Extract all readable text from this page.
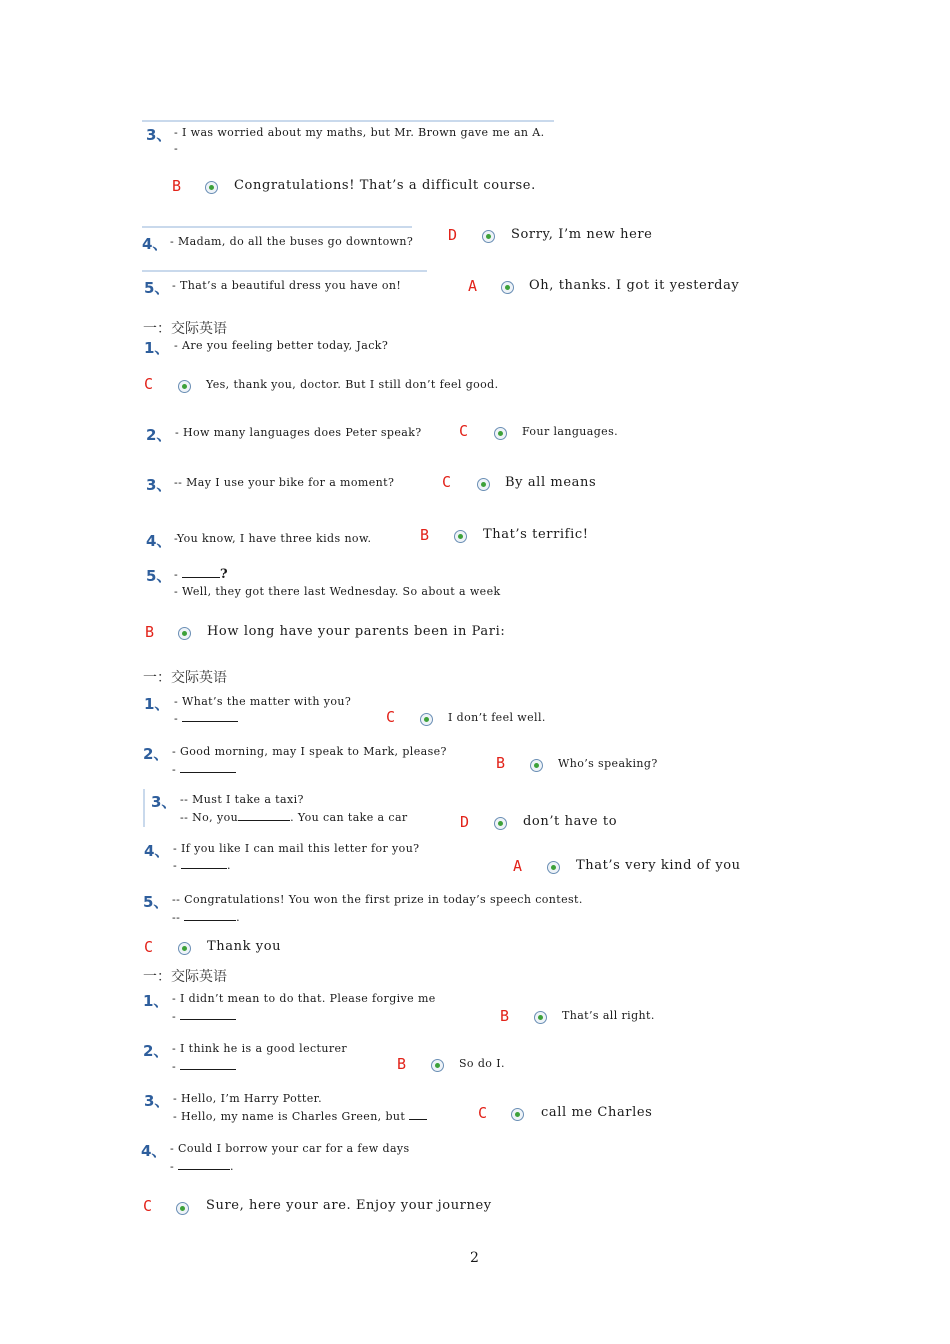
3、 - I was worried about my maths, but Mr. Brown gave me an A.
-
B	Congratulations! That’s a difficult course.
4、 - Madam, do all the buses go downtown? D	Sorry, I’m new here
5、 - That’s a beautiful dress you have on!	A	Oh, thanks. I got it yesterday
一：交际英语
1、 - Are you feeling better today, Jack?
C	Yes, thank you, doctor. But I still don’t feel good.
2、 - How many languages does Peter speak? C	Four languages.
3、 -- May I use your bike for a moment?	C	By all means
4、 -You know, I have three kids now.	B	That’s terrific!
5、 -	?
- Well, they got there last Wednesday. So about a week
B	How long have your parents been in Pari:
一：交际英语
1、 - What’s the matter with you?
-	C	I don’t feel well.
2、 - Good morning, may I speak to Mark, please?
-	B	Who’s speaking?
3、 -- Must I take a taxi?
-- No, you	. You can take a car	D	don’t have to
4、 - If you like I can mail this letter for you?
-	.	A	That’s very kind of you
5、 -- Congratulations! You won the first prize in today’s speech contest.
--	.
C	Thank you
一：交际英语
1、 - I didn’t mean to do that. Please forgive me
-	B	That’s all right.
2、 - I think he is a good lecturer
-	B	So do I.
3、 - Hello, I’m Harry Potter.
- Hello, my name is Charles Green, but	C	call me Charles
4、 - Could I borrow your car for a few days
-	.
C	Sure, here your are. Enjoy your journey
2
